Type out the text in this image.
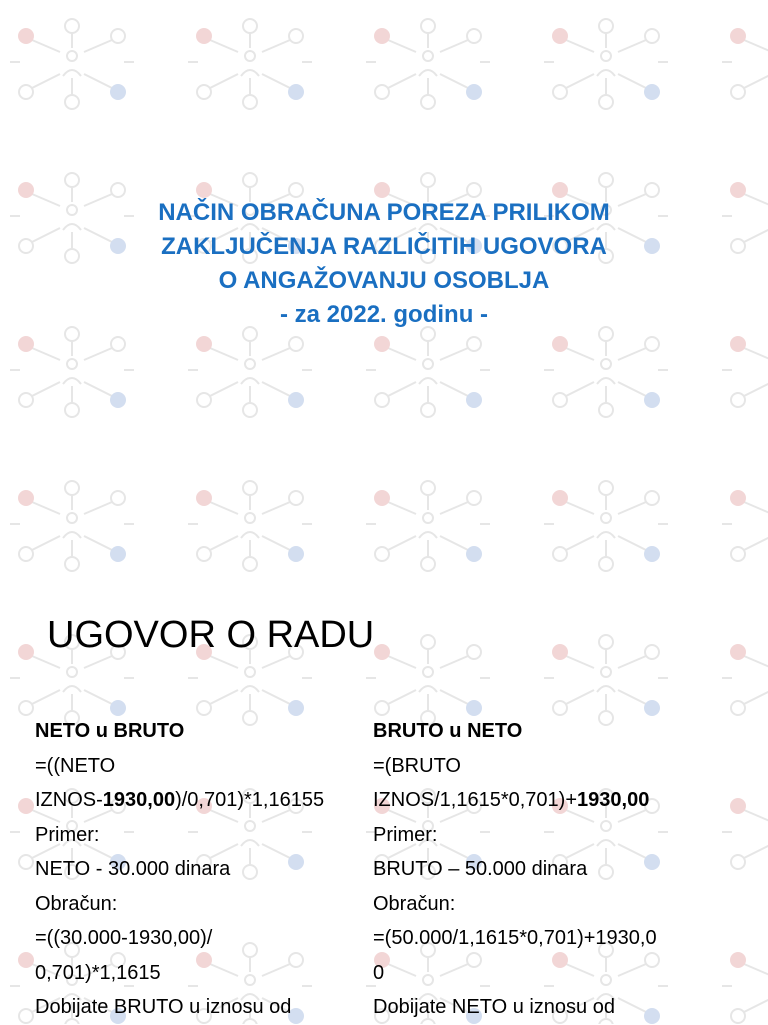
NAČIN OBRAČUNA POREZA PRILIKOM
ZAKLJUČENJA RAZLIČITIH UGOVORA
O ANGAŽOVANJU OSOBLJA
- za 2022. godinu -
UGOVOR O RADU
NETO u BRUTO
=((NETO
IZNOS-1930,00)/0,701)*1,16155
Primer:
NETO - 30.000 dinara
Obračun:
=((30.000-1930,00)/
0,701)*1,1615
Dobijate BRUTO u iznosu od
BRUTO u NETO
=(BRUTO
IZNOS/1,1615*0,701)+1930,00
Primer:
BRUTO – 50.000 dinara
Obračun:
=(50.000/1,1615*0,701)+1930,0
0
Dobijate NETO u iznosu od
